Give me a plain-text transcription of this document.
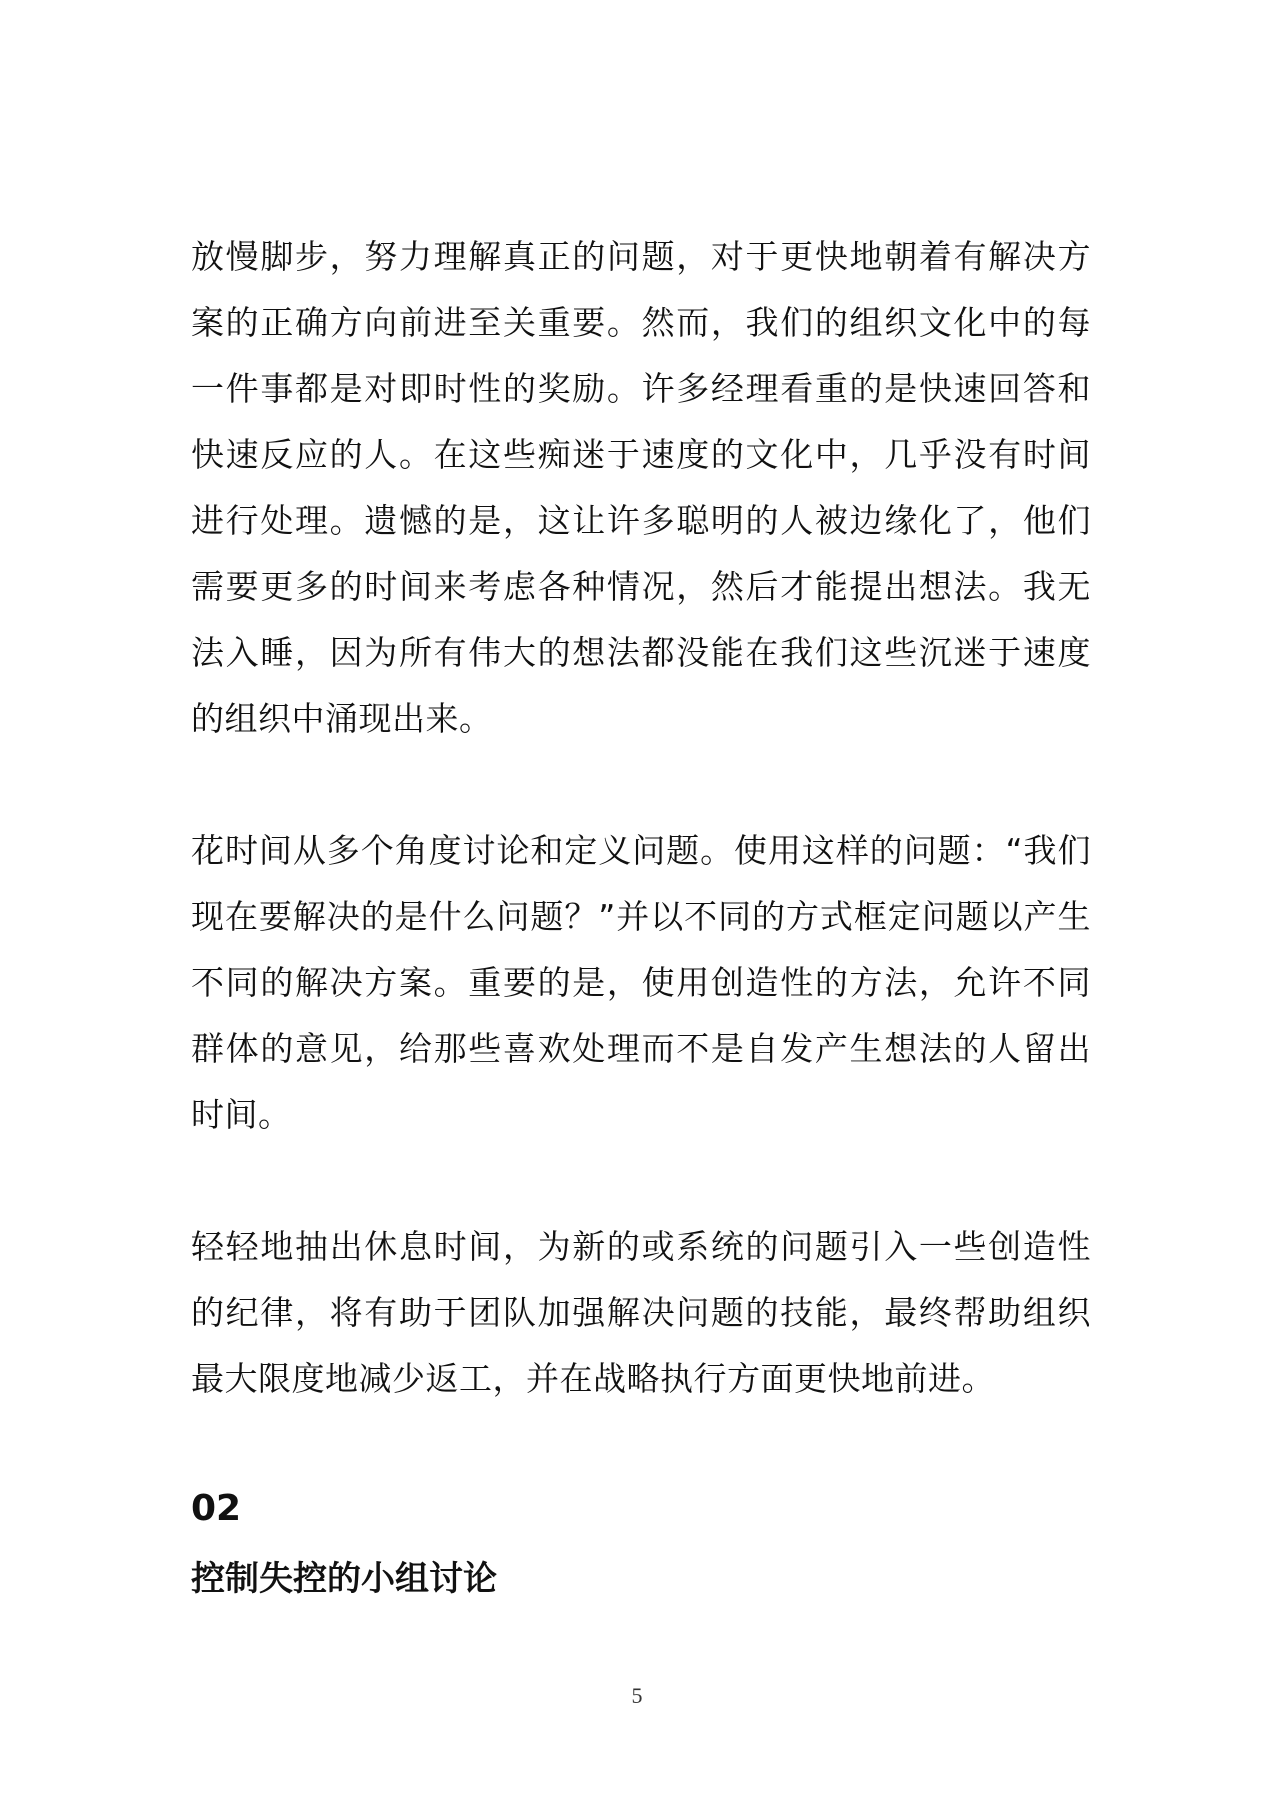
放慢脚步，努力理解真正的问题，对于更快地朝着有解决方案的正确方向前进至关重要。然而，我们的组织文化中的每一件事都是对即时性的奖励。许多经理看重的是快速回答和快速反应的人。在这些痴迷于速度的文化中，几乎没有时间进行处理。遗憾的是，这让许多聪明的人被边缘化了，他们需要更多的时间来考虑各种情况，然后才能提出想法。我无法入睡，因为所有伟大的想法都没能在我们这些沉迷于速度的组织中涌现出来。

花时间从多个角度讨论和定义问题。使用这样的问题：“我们现在要解决的是什么问题？”并以不同的方式框定问题以产生不同的解决方案。重要的是，使用创造性的方法，允许不同群体的意见，给那些喜欢处理而不是自发产生想法的人留出时间。

轻轻地抽出休息时间，为新的或系统的问题引入一些创造性的纪律，将有助于团队加强解决问题的技能，最终帮助组织最大限度地减少返工，并在战略执行方面更快地前进。

02
控制失控的小组讨论
5
